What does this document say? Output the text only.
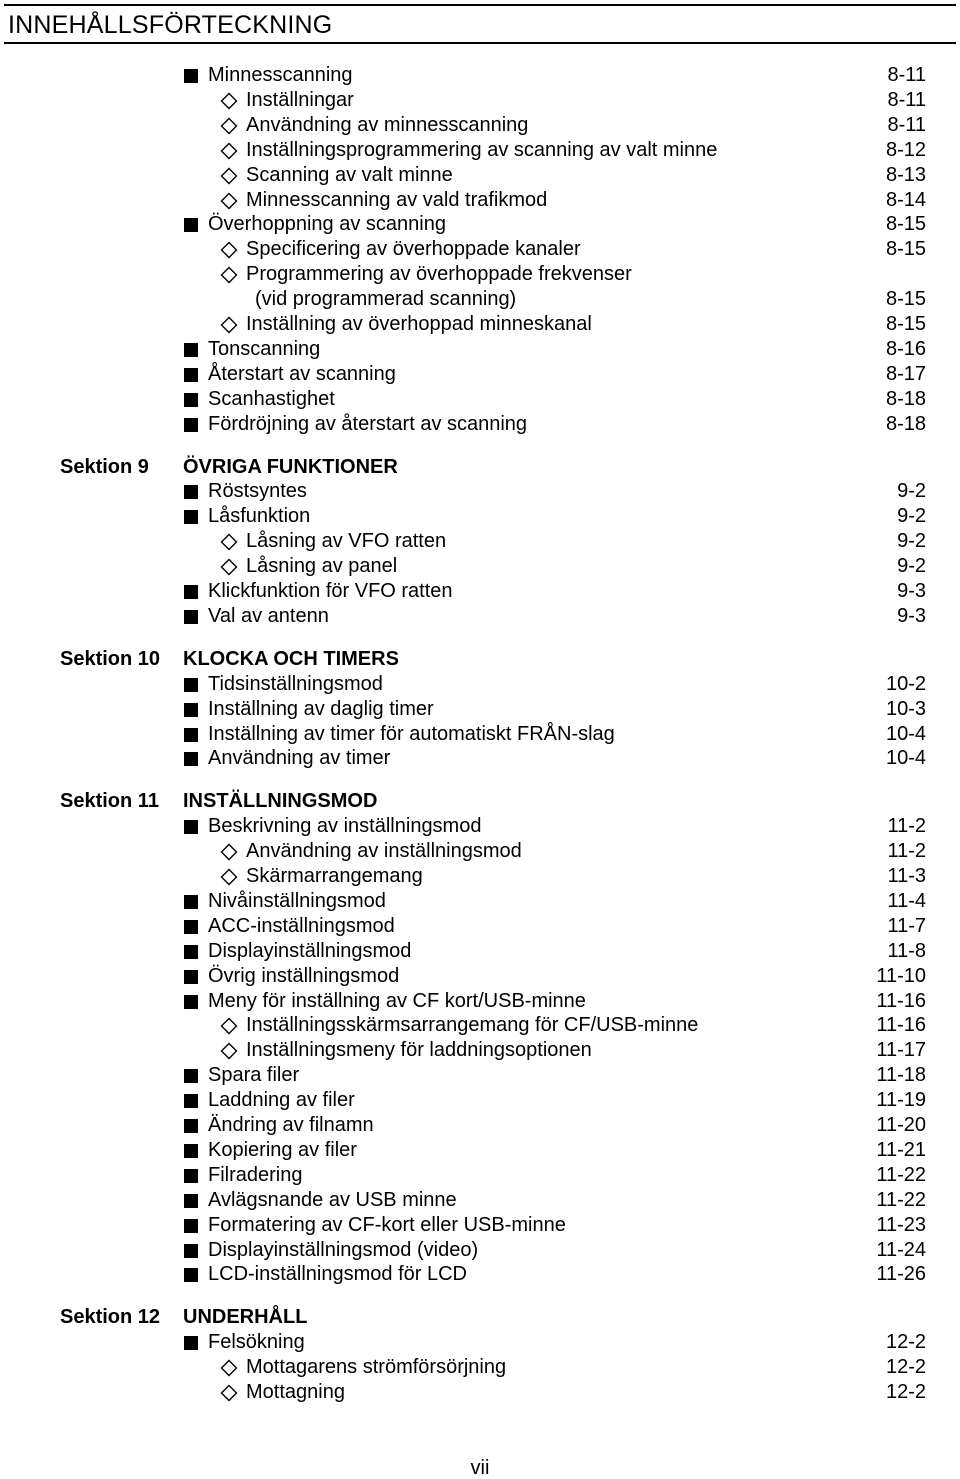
INNEHÅLLSFÖRTECKNING
Minnesscanning	8-11
Inställningar	8-11
Användning av minnesscanning	8-11
Inställningsprogrammering av scanning av valt minne	8-12
Scanning av valt minne	8-13
Minnesscanning av vald trafikmod	8-14
Överhoppning av scanning	8-15
Specificering av överhoppade kanaler	8-15
Programmering av överhoppade frekvenser
(vid programmerad scanning)	8-15
Inställning av överhoppad minneskanal	8-15
Tonscanning	8-16
Återstart av scanning	8-17
Scanhastighet	8-18
Fördröjning av återstart av scanning	8-18
Sektion 9 ÖVRIGA FUNKTIONER
Röstsyntes	9-2
Låsfunktion	9-2
Låsning av VFO ratten	9-2
Låsning av panel	9-2
Klickfunktion för VFO ratten	9-3
Val av antenn	9-3
Sektion 10 KLOCKA OCH TIMERS
Tidsinställningsmod	10-2
Inställning av daglig timer	10-3
Inställning av timer för automatiskt FRÅN-slag	10-4
Användning av timer	10-4
Sektion 11 INSTÄLLNINGSMOD
Beskrivning av inställningsmod	11-2
Användning av inställningsmod	11-2
Skärmarrangemang	11-3
Nivåinställningsmod	11-4
ACC-inställningsmod	11-7
Displayinställningsmod	11-8
Övrig inställningsmod	11-10
Meny för inställning av CF kort/USB-minne	11-16
Inställningsskärmsarrangemang för CF/USB-minne	11-16
Inställningsmeny för laddningsoptionen	11-17
Spara filer	11-18
Laddning av filer	11-19
Ändring av filnamn	11-20
Kopiering av filer	11-21
Filradering	11-22
Avlägsnande av USB minne	11-22
Formatering av CF-kort eller USB-minne	11-23
Displayinställningsmod (video)	11-24
LCD-inställningsmod för LCD	11-26
Sektion 12 UNDERHÅLL
Felsökning	12-2
Mottagarens strömförsörjning	12-2
Mottagning	12-2
vii
